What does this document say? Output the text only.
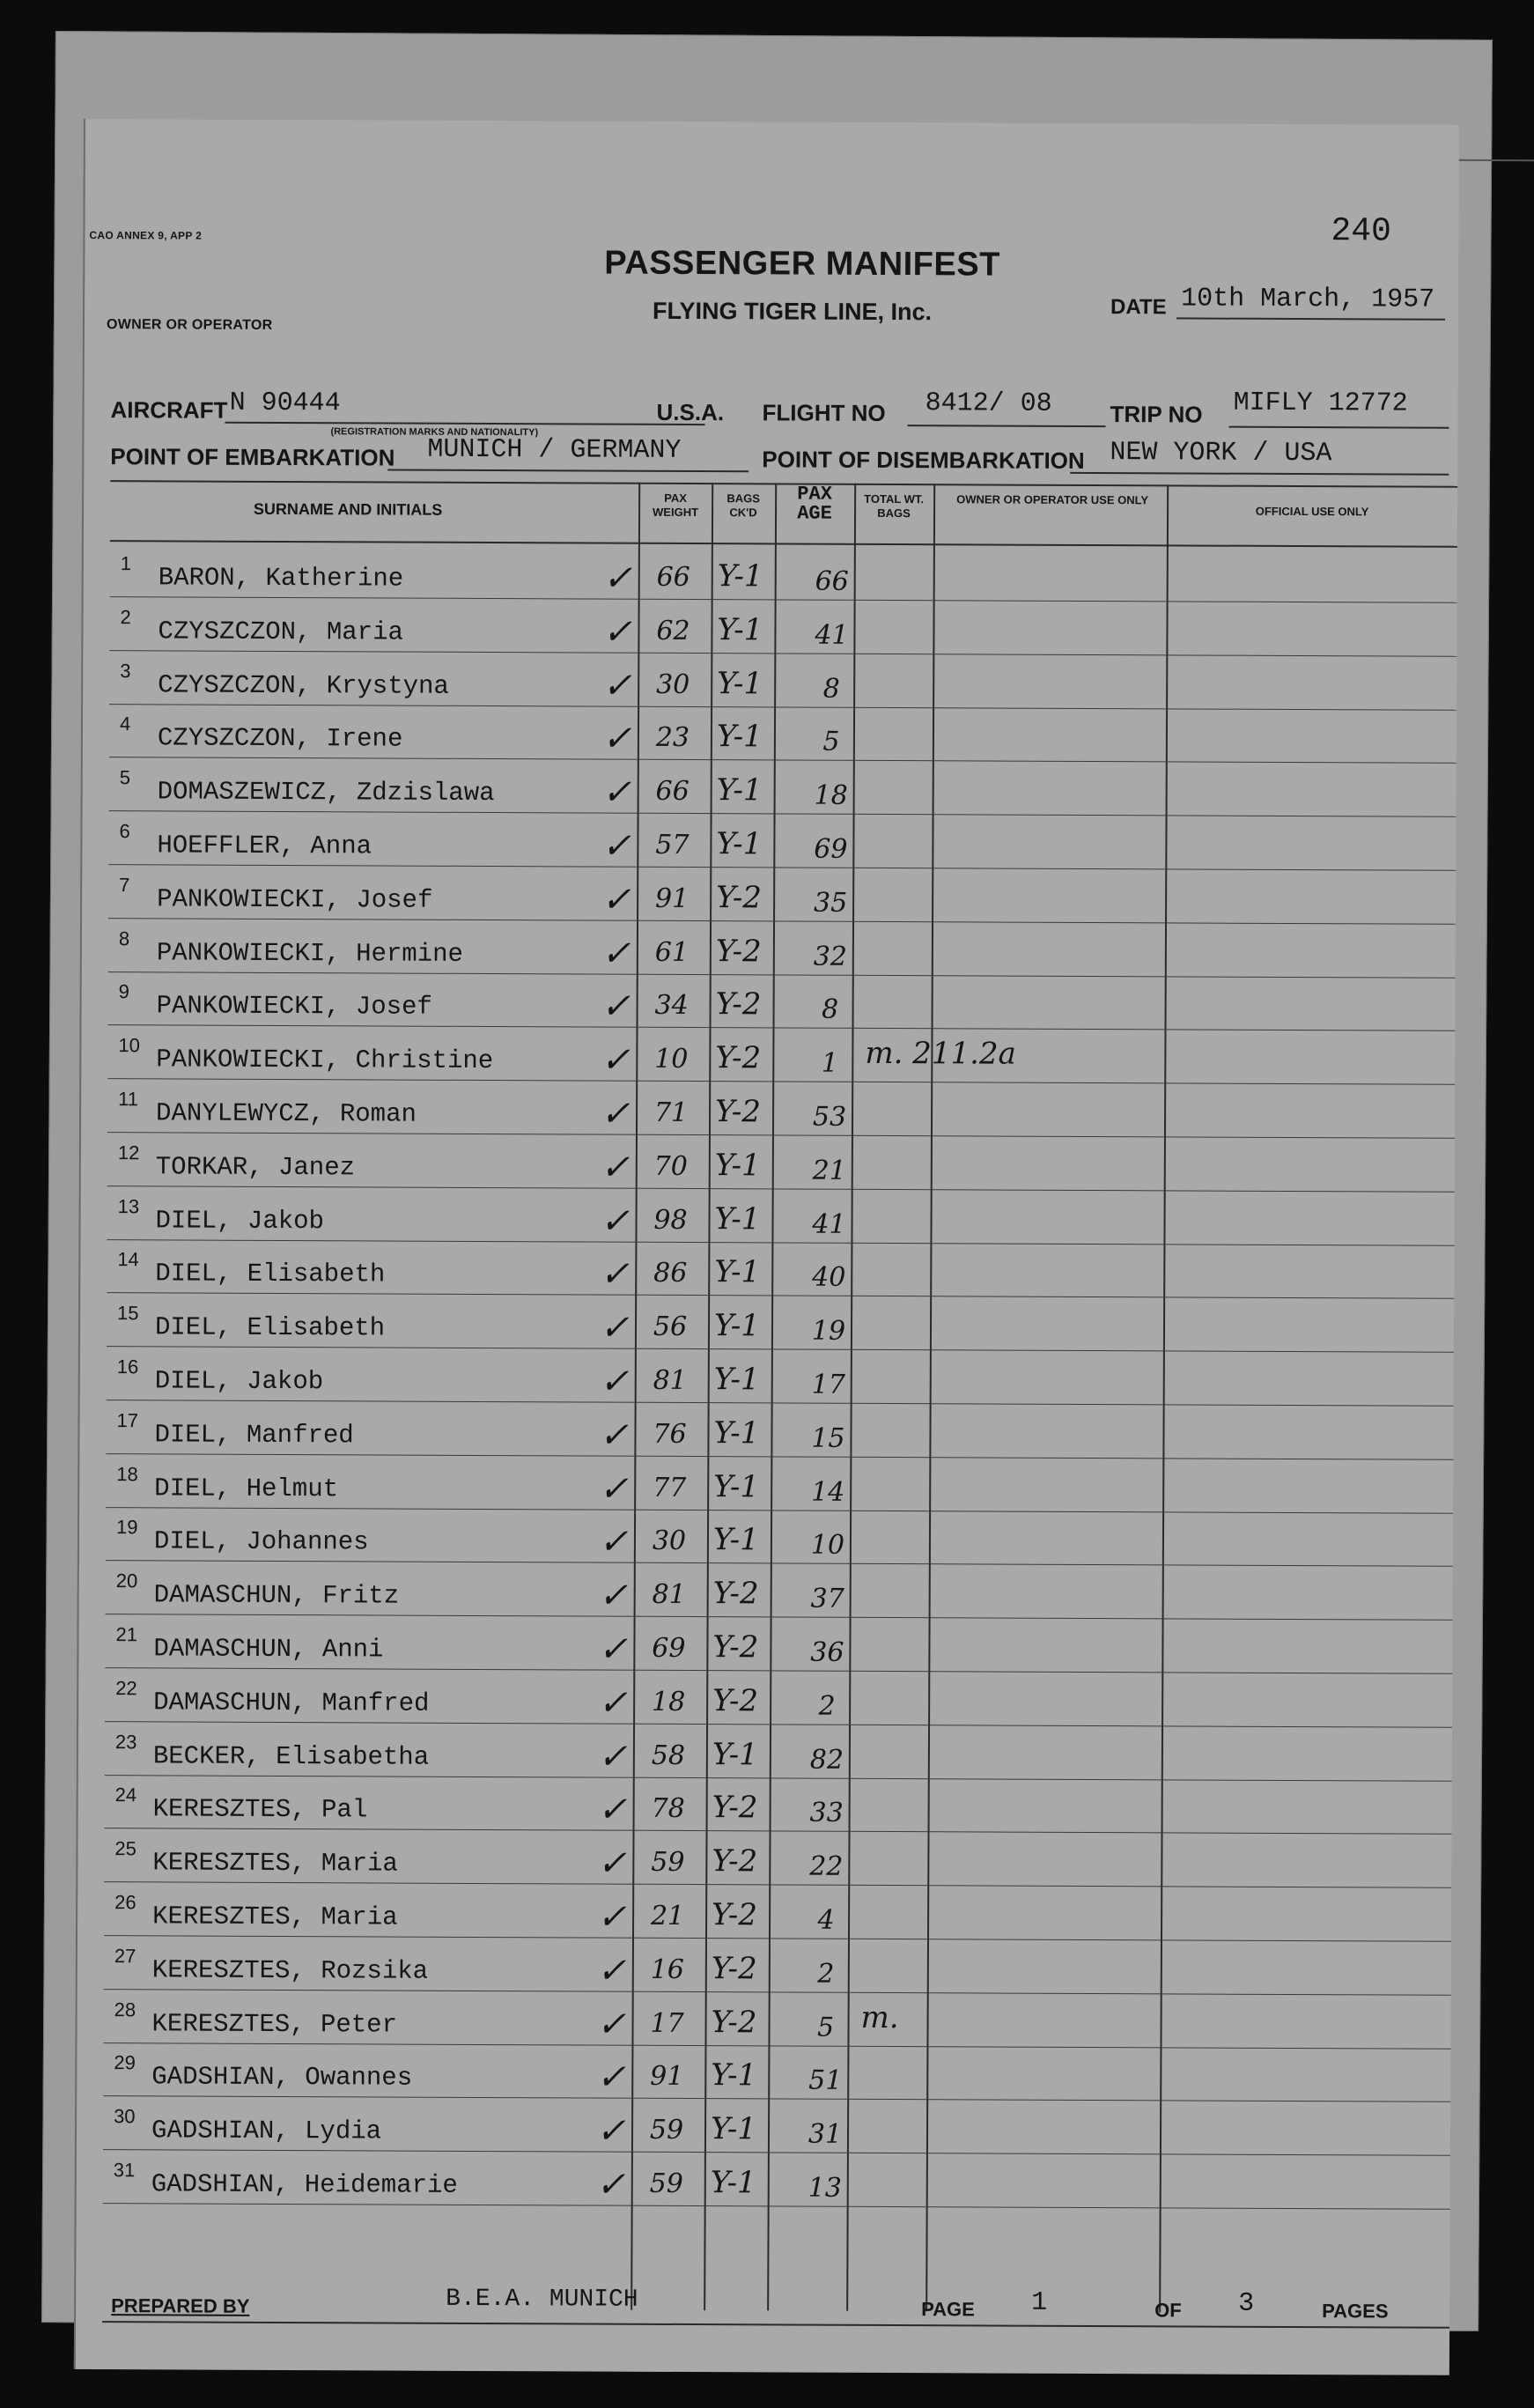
CAO ANNEX 9, APP 2	240
PASSENGER MANIFEST
FLYING TIGER LINE, Inc.
OWNER OR OPERATOR
DATE 10th March, 1957
AIRCRAFT N 90444
(REGISTRATION MARKS AND NATIONALITY)
U.S.A. FLIGHT NO 8412/ 08	TRIP NO MIFLY 12772
POINT OF EMBARKATION MUNICH / GERMANY	POINT OF DISEMBARKATION NEW YORK / USA
SURNAME AND INITIALS
PAX WEIGHT
BAGS CK'D
PAX AGE
TOTAL WT. BAGS
OWNER OR OPERATOR USE ONLY
OFFICIAL USE ONLY
✓
1 BARON, Katherine	66 Y-1	66
✓
2 CZYSZCZON, Maria	62 Y-1	41
✓
3 CZYSZCZON, Krystyna	30 Y-1	8
✓
4 CZYSZCZON, Irene	23 Y-1	5
✓
5 DOMASZEWICZ, Zdzislawa	66 Y-1	18
✓
6 HOEFFLER, Anna	57 Y-1	69
✓
7 PANKOWIECKI, Josef	91 Y-2	35
✓
8 PANKOWIECKI, Hermine	61 Y-2	32
✓
9 PANKOWIECKI, Josef	34 Y-2	8
✓
10 PANKOWIECKI, Christine	10 Y-2	1 m. 211.2a
✓
11 DANYLEWYCZ, Roman	71 Y-2	53
✓
12 TORKAR, Janez	70 Y-1	21
✓
13 DIEL, Jakob	98 Y-1	41
✓
14 DIEL, Elisabeth	86 Y-1	40
✓
15 DIEL, Elisabeth	56 Y-1	19
✓
16 DIEL, Jakob	81 Y-1	17
✓
17 DIEL, Manfred	76 Y-1	15
✓
18 DIEL, Helmut	77 Y-1	14
✓
19 DIEL, Johannes	30 Y-1	10
✓
20 DAMASCHUN, Fritz	81 Y-2	37
✓
21 DAMASCHUN, Anni	69 Y-2	36
✓
22 DAMASCHUN, Manfred	18 Y-2	2
✓
23 BECKER, Elisabetha	58 Y-1	82
✓
24 KERESZTES, Pal	78 Y-2	33
✓
25 KERESZTES, Maria	59 Y-2	22
✓
26 KERESZTES, Maria	21 Y-2	4
✓
27 KERESZTES, Rozsika	16 Y-2	2
✓
28 KERESZTES, Peter	17 Y-2	5 m.
✓
29 GADSHIAN, Owannes	91 Y-1	51
✓
30 GADSHIAN, Lydia	59 Y-1	31
✓
31 GADSHIAN, Heidemarie	59 Y-1	13
PREPARED BY	B.E.A. MUNICH	PAGE 1	OF 3	PAGES
